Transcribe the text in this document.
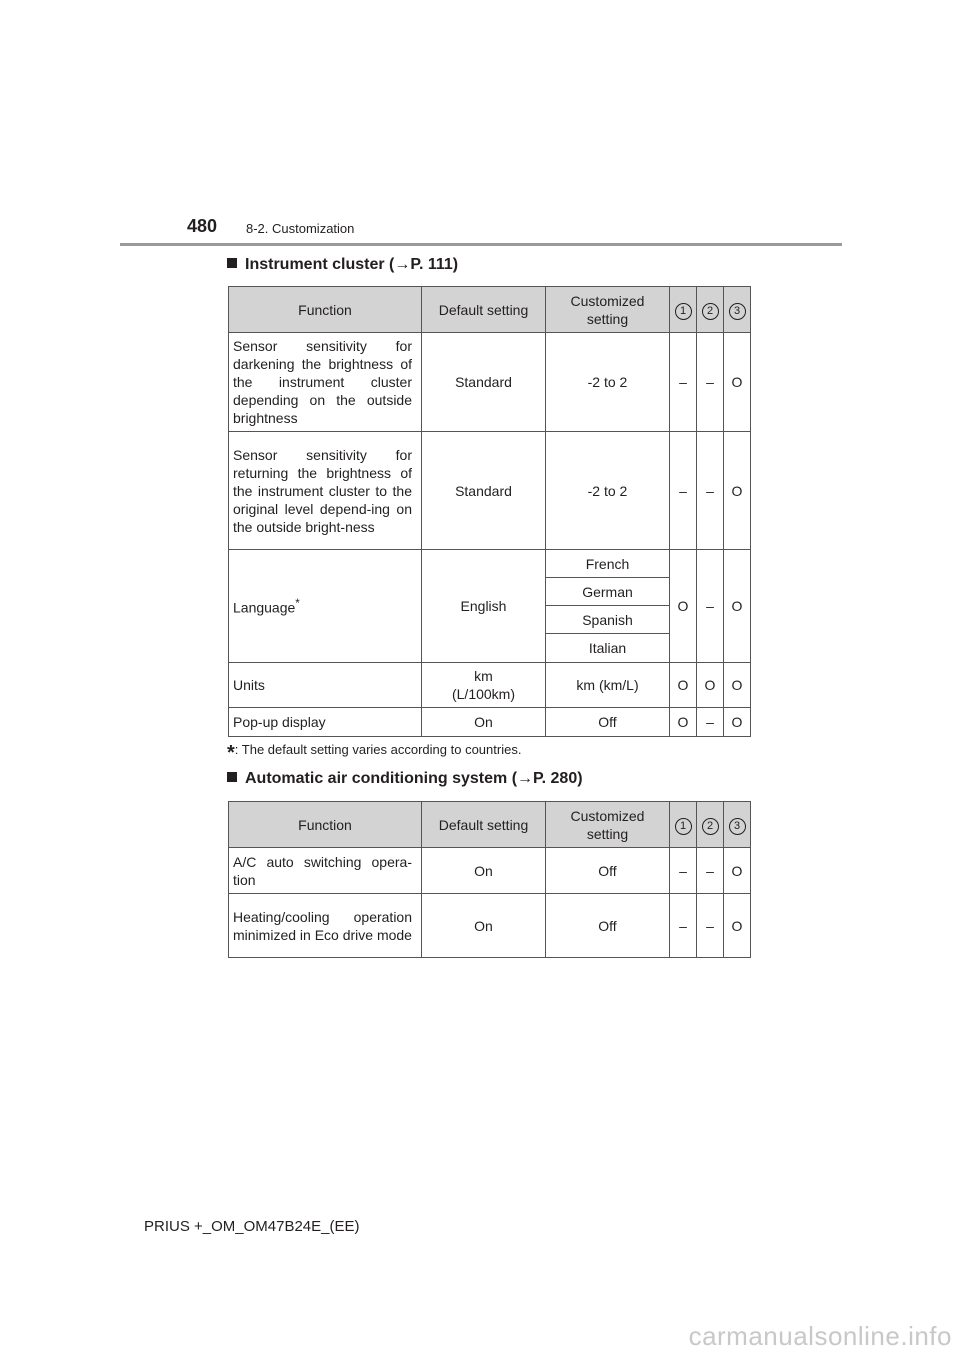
480 8-2. Customization
Instrument cluster (→P. 111)
Function	Default setting	Customized setting	1	2	3
Sensor sensitivity for darkening the brightness of the instrument cluster depending on the outside brightness	Standard	-2 to 2	–	–	O
Sensor sensitivity for returning the brightness of the instrument cluster to the original level depend-ing on the outside bright-ness	Standard	-2 to 2	–	–	O
Language*	English	French	O	–	O
		German			
		Spanish			
		Italian			
Units	km (L/100km)	km (km/L)	O	O	O
Pop-up display	On	Off	O	–	O
*: The default setting varies according to countries.
Automatic air conditioning system (→P. 280)
Function	Default setting	Customized setting	1	2	3
A/C auto switching opera-tion	On	Off	–	–	O
Heating/cooling operation minimized in Eco drive mode	On	Off	–	–	O
PRIUS +_OM_OM47B24E_(EE)
carmanualsonline.info
